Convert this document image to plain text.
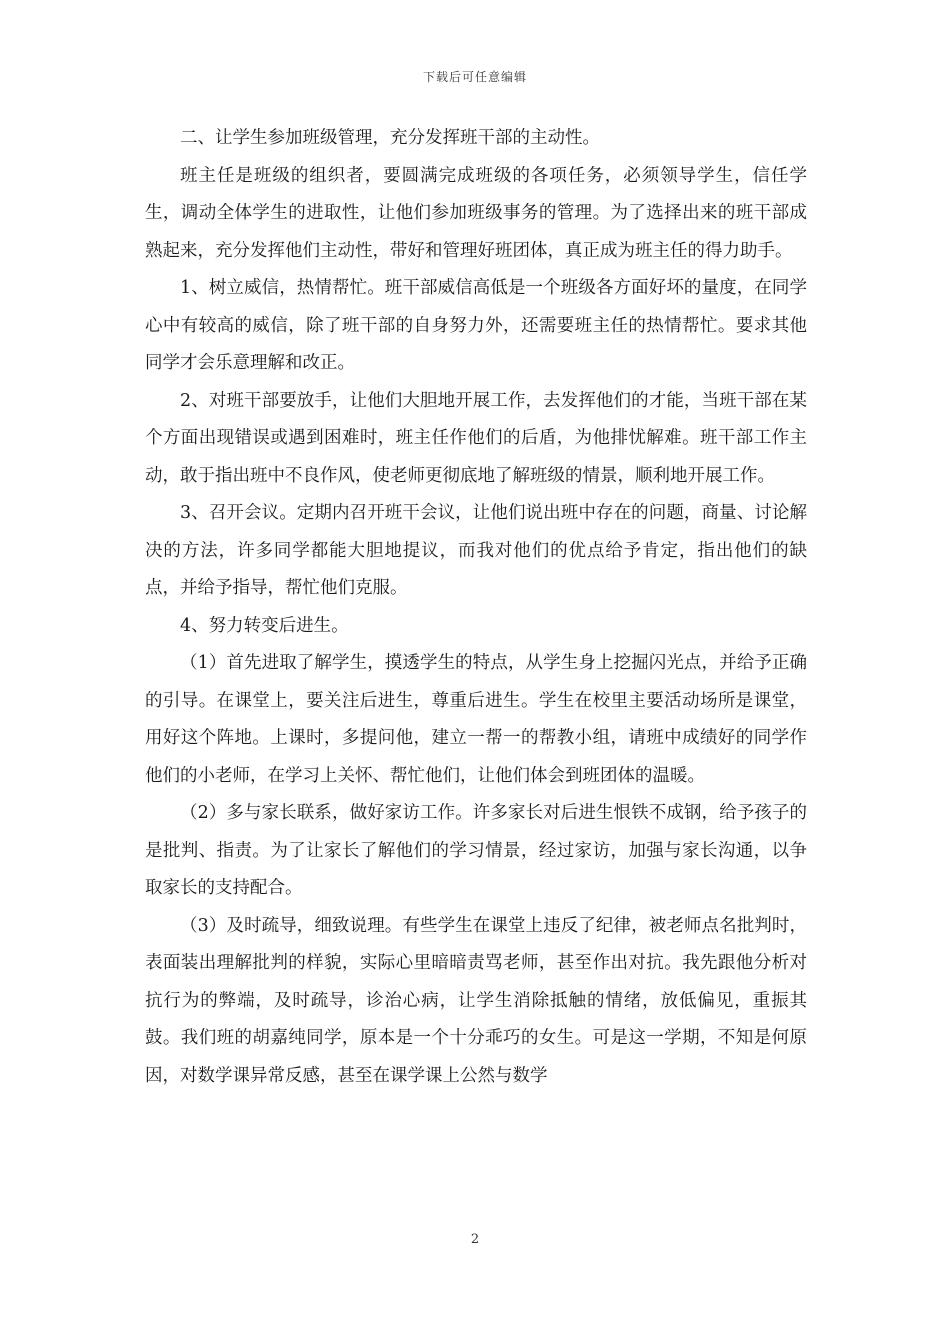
下载后可任意编辑

二、让学生参加班级管理，充分发挥班干部的主动性。

班主任是班级的组织者，要圆满完成班级的各项任务，必须领导学生，信任学生，调动全体学生的进取性，让他们参加班级事务的管理。为了选择出来的班干部成熟起来，充分发挥他们主动性，带好和管理好班团体，真正成为班主任的得力助手。

1、树立威信，热情帮忙。班干部威信高低是一个班级各方面好坏的量度，在同学心中有较高的威信，除了班干部的自身努力外，还需要班主任的热情帮忙。要求其他同学才会乐意理解和改正。

2、对班干部要放手，让他们大胆地开展工作，去发挥他们的才能，当班干部在某个方面出现错误或遇到困难时，班主任作他们的后盾，为他排忧解难。班干部工作主动，敢于指出班中不良作风，使老师更彻底地了解班级的情景，顺利地开展工作。

3、召开会议。定期内召开班干会议，让他们说出班中存在的问题，商量、讨论解决的方法，许多同学都能大胆地提议，而我对他们的优点给予肯定，指出他们的缺点，并给予指导，帮忙他们克服。

4、努力转变后进生。

（1）首先进取了解学生，摸透学生的特点，从学生身上挖掘闪光点，并给予正确的引导。在课堂上，要关注后进生，尊重后进生。学生在校里主要活动场所是课堂，用好这个阵地。上课时，多提问他，建立一帮一的帮教小组，请班中成绩好的同学作他们的小老师，在学习上关怀、帮忙他们，让他们体会到班团体的温暖。

（2）多与家长联系，做好家访工作。许多家长对后进生恨铁不成钢，给予孩子的是批判、指责。为了让家长了解他们的学习情景，经过家访，加强与家长沟通，以争取家长的支持配合。

（3）及时疏导，细致说理。有些学生在课堂上违反了纪律，被老师点名批判时，表面装出理解批判的样貌，实际心里暗暗责骂老师，甚至作出对抗。我先跟他分析对抗行为的弊端，及时疏导，诊治心病，让学生消除抵触的情绪，放低偏见，重振其鼓。我们班的胡嘉纯同学，原本是一个十分乖巧的女生。可是这一学期，不知是何原因，对数学课异常反感，甚至在课学课上公然与数学

2
